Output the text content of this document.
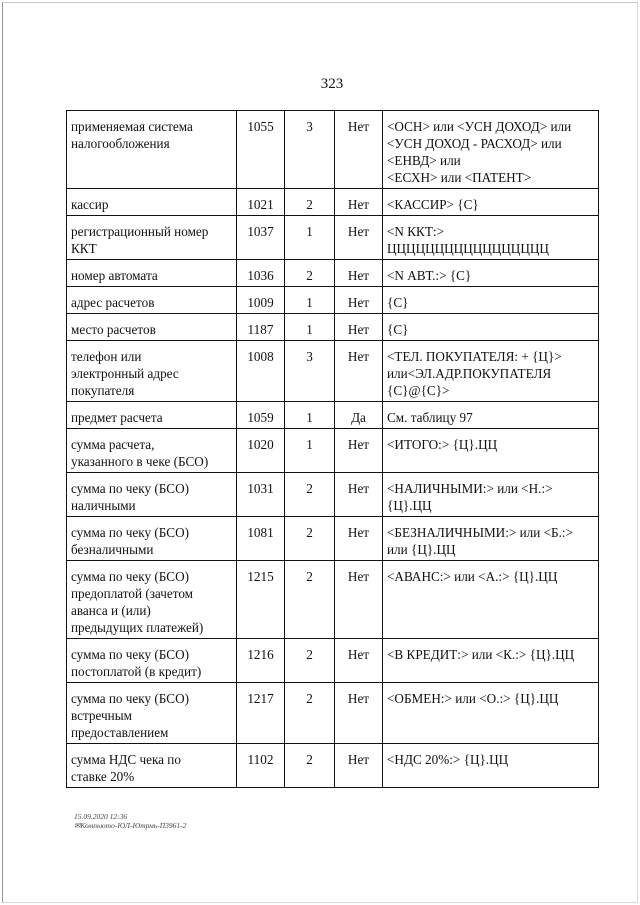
323
применяемая система
налогообложения	1055	3	Нет	<ОСН> или <УСН ДОХОД> или
<УСН ДОХОД - РАСХОД> или
<ЕНВД> или
<ЕСХН> или <ПАТЕНТ>

кассир	1021	2	Нет	<КАССИР> {С}

регистрационный номер
ККТ	1037	1	Нет	<N ККТ:>
ЦЦЦЦЦЦЦЦЦЦЦЦЦЦЦЦЦ

номер автомата	1036	2	Нет	<N АВТ.:> {С}

адрес расчетов	1009	1	Нет	{С}

место расчетов	1187	1	Нет	{С}

телефон или
электронный адрес
покупателя	1008	3	Нет	<ТЕЛ. ПОКУПАТЕЛЯ: + {Ц}>
или<ЭЛ.АДР.ПОКУПАТЕЛЯ
{С}@{С}>

предмет расчета	1059	1	Да	См. таблицу 97

сумма расчета,
указанного в чеке (БСО)	1020	1	Нет	<ИТОГО:> {Ц}.ЦЦ

сумма по чеку (БСО)
наличными	1031	2	Нет	<НАЛИЧНЫМИ:> или <Н.:>
{Ц}.ЦЦ

сумма по чеку (БСО)
безналичными	1081	2	Нет	<БЕЗНАЛИЧНЫМИ:> или <Б.:>
или {Ц}.ЦЦ

сумма по чеку (БСО)
предоплатой (зачетом
аванса и (или)
предыдущих платежей)	1215	2	Нет	<АВАНС:> или <А.:> {Ц}.ЦЦ

сумма по чеку (БСО)
постоплатой (в кредит)	1216	2	Нет	<В КРЕДИТ:> или <К.:> {Ц}.ЦЦ

сумма по чеку (БСО)
встречным
предоставлением	1217	2	Нет	<ОБМЕН:> или <О.:> {Ц}.ЦЦ

сумма НДС чека по
ставке 20%	1102	2	Нет	<НДС 20%:> {Ц}.ЦЦ
15.09.2020 12:36
✉Компьюто-ЮЛ-Ютрмь-П3961-2
